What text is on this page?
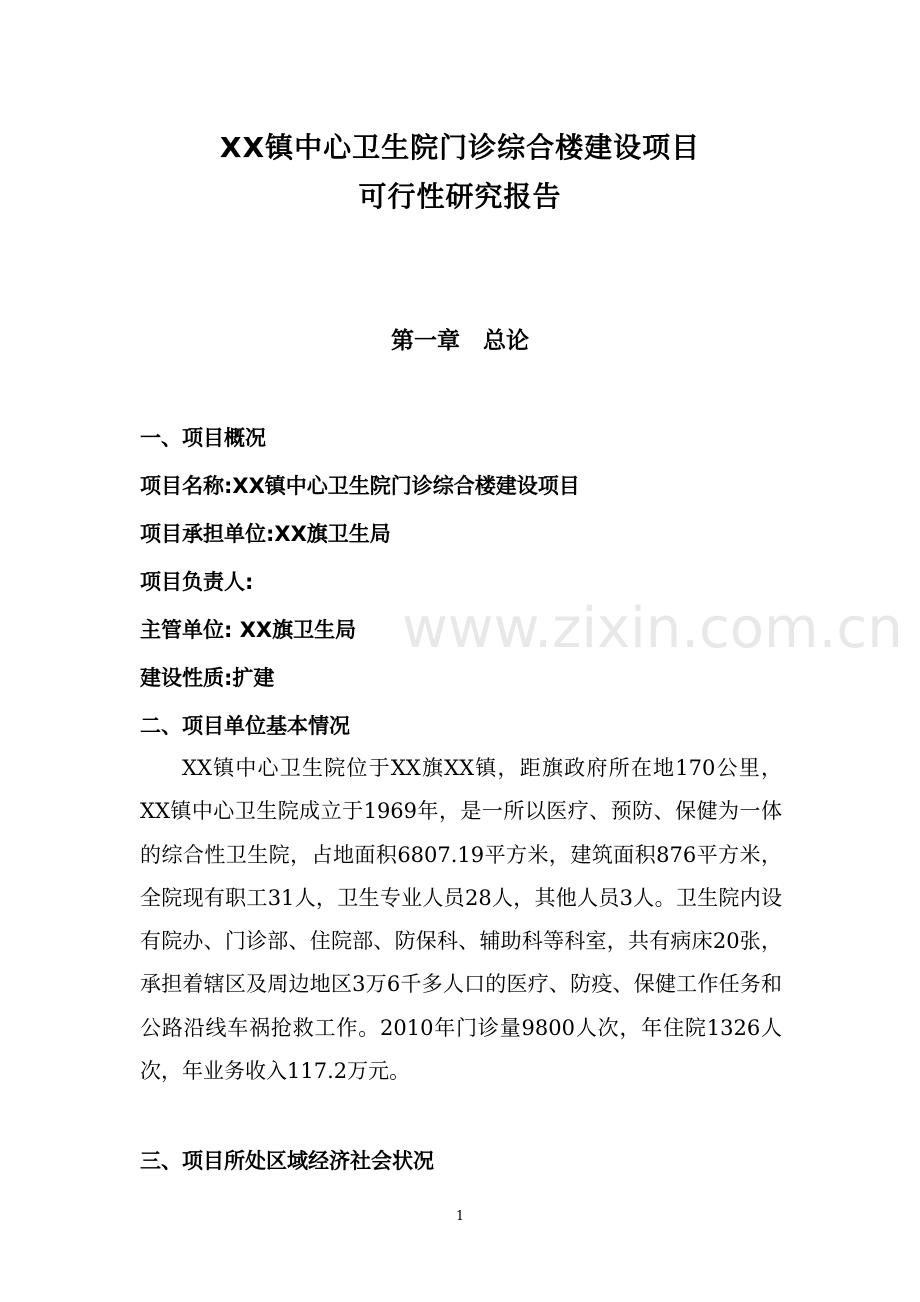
XX镇中心卫生院门诊综合楼建设项目
可行性研究报告
第一章　总论
一、项目概况
项目名称:XX镇中心卫生院门诊综合楼建设项目
项目承担单位:XX旗卫生局
项目负责人:
主管单位: XX旗卫生局
建设性质:扩建
二、项目单位基本情况
XX镇中心卫生院位于XX旗XX镇，距旗政府所在地170公里，XX镇中心卫生院成立于1969年，是一所以医疗、预防、保健为一体的综合性卫生院，占地面积6807.19平方米，建筑面积876平方米，全院现有职工31人，卫生专业人员28人，其他人员3人。卫生院内设有院办、门诊部、住院部、防保科、辅助科等科室，共有病床20张，承担着辖区及周边地区3万6千多人口的医疗、防疫、保健工作任务和公路沿线车祸抢救工作。2010年门诊量9800人次，年住院1326人次，年业务收入117.2万元。
三、项目所处区域经济社会状况
www.zixin.com.cn
1
